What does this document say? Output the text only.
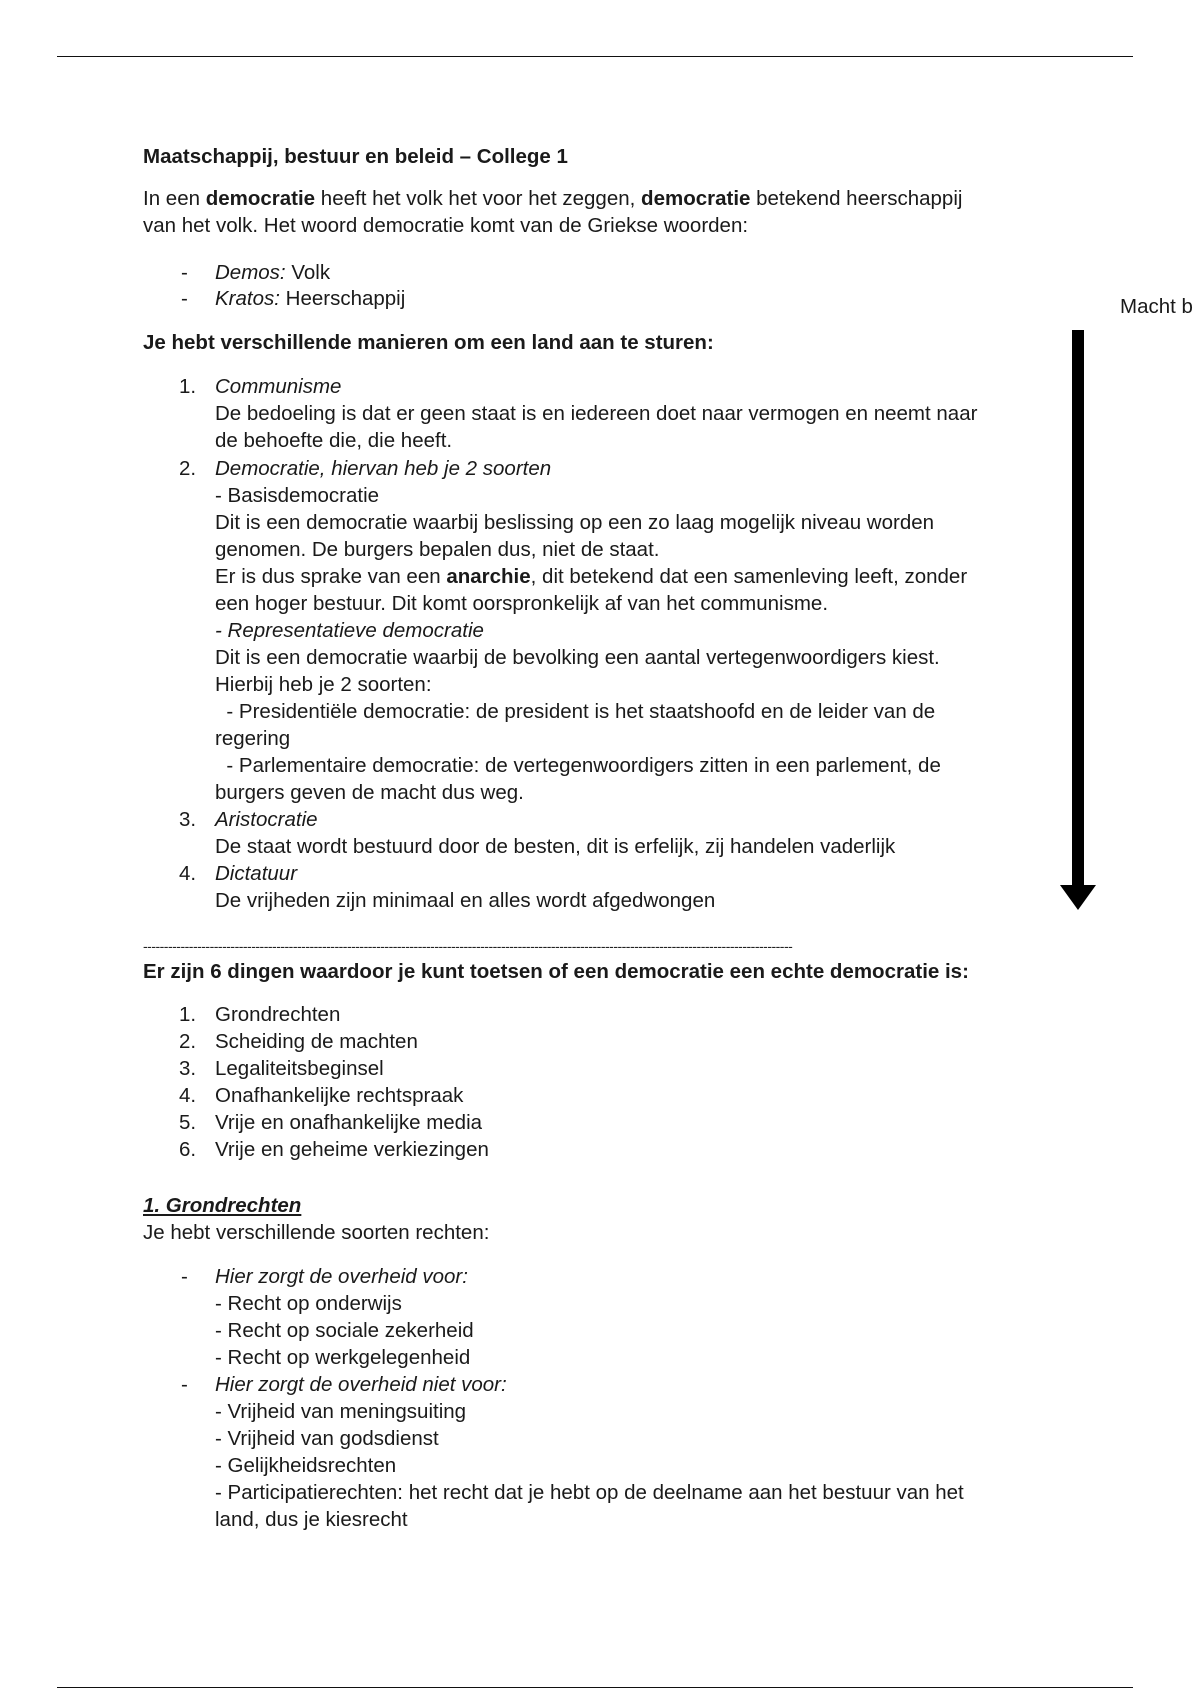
Macht b
Maatschappij, bestuur en beleid – College 1
In een democratie heeft het volk het voor het zeggen, democratie betekend heerschappij
van het volk. Het woord democratie komt van de Griekse woorden:
- Demos: Volk
- Kratos: Heerschappij
Je hebt verschillende manieren om een land aan te sturen:
1. Communisme
De bedoeling is dat er geen staat is en iedereen doet naar vermogen en neemt naar
de behoefte die, die heeft.
2. Democratie, hiervan heb je 2 soorten
- Basisdemocratie
Dit is een democratie waarbij beslissing op een zo laag mogelijk niveau worden
genomen. De burgers bepalen dus, niet de staat.
Er is dus sprake van een anarchie, dit betekend dat een samenleving leeft, zonder
een hoger bestuur. Dit komt oorspronkelijk af van het communisme.
- Representatieve democratie
Dit is een democratie waarbij de bevolking een aantal vertegenwoordigers kiest.
Hierbij heb je 2 soorten:
- Presidentiële democratie: de president is het staatshoofd en de leider van de
regering
- Parlementaire democratie: de vertegenwoordigers zitten in een parlement, de
burgers geven de macht dus weg.
3. Aristocratie
De staat wordt bestuurd door de besten, dit is erfelijk, zij handelen vaderlijk
4. Dictatuur
De vrijheden zijn minimaal en alles wordt afgedwongen
------------------------------------------------------------------------------------------------------------------------------------------------------------
Er zijn 6 dingen waardoor je kunt toetsen of een democratie een echte democratie is:
1. Grondrechten
2. Scheiding de machten
3. Legaliteitsbeginsel
4. Onafhankelijke rechtspraak
5. Vrije en onafhankelijke media
6. Vrije en geheime verkiezingen
1. Grondrechten
Je hebt verschillende soorten rechten:
- Hier zorgt de overheid voor:
- Recht op onderwijs
- Recht op sociale zekerheid
- Recht op werkgelegenheid
- Hier zorgt de overheid niet voor:
- Vrijheid van meningsuiting
- Vrijheid van godsdienst
- Gelijkheidsrechten
- Participatierechten: het recht dat je hebt op de deelname aan het bestuur van het
land, dus je kiesrecht
